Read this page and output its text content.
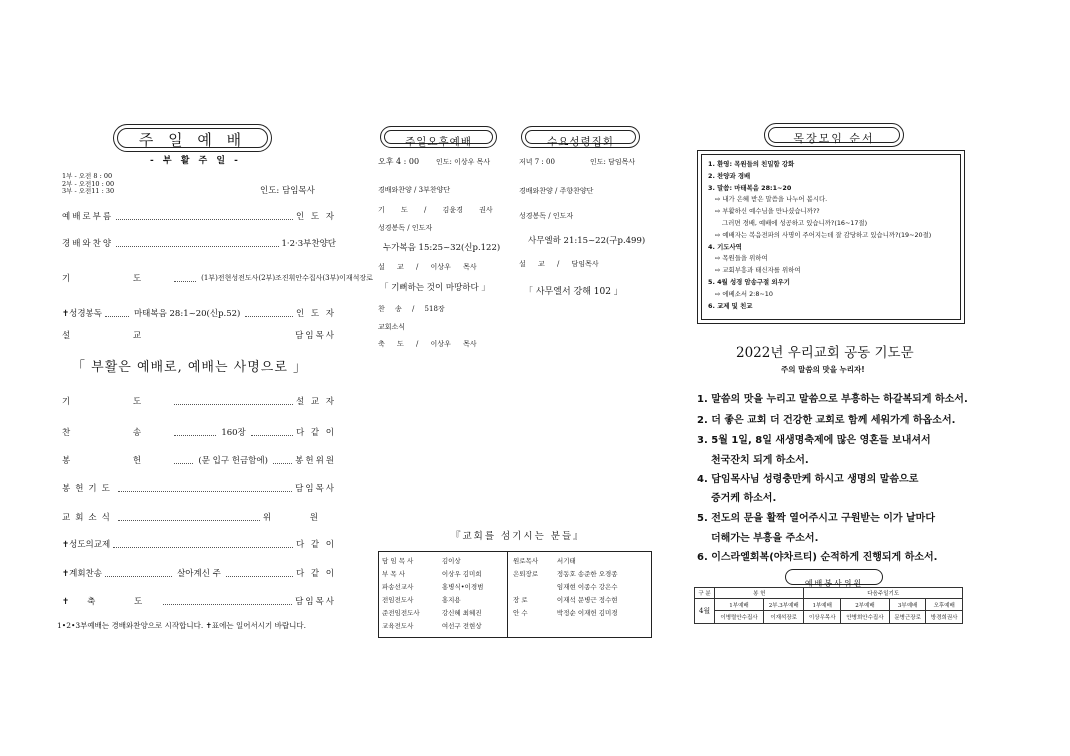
주 일 예 배
- 부 활 주 일 -
1부 - 오전 8 : 00
2부 - 오전10 : 00
3부 - 오전11 : 30	인도: 담임목사
예배로부름	인 도 자
경배와찬양	1·2·3부찬양단
기 도	(1부)전현성전도사(2부)조진휘안수집사(3부)이재석장로
✝성경봉독	마태복음 28:1~20(신p.52)	인 도 자
설 교	담임목사
「 부활은 예배로, 예배는 사명으로 」
기 도	설 교 자
찬 송	160장	다 같 이
봉 헌	(문 입구 헌금함에)	봉헌위원
봉헌기도	담임목사
교회소식	위 원
✝성도의교제	다 같 이
✝계회찬송	살아계신 주	다 같 이
✝축 도	담임목사
1•2•3부예배는 경배와찬양으로 시작합니다. ✝표에는 일어서시기 바랍니다.
주일오후예배
오후 4 : 00 인도: 이상우 목사
경배와찬양 / 3부찬양단
기 도 / 김윤경 권사
성경봉독 / 인도자
누가복음 15:25~32(신p.122)
설 교 / 이상우 목사
「 기뻐하는 것이 마땅하다 」
찬 송 / 518장
교회소식
축 도 / 이상우 목사
수요성령집회
저녁 7 : 00	인도: 담임목사
경배와찬양 / 주향찬양단
성경봉독 / 인도자
사무엘하 21:15~22(구p.499)
설 교 / 담임목사
「 사무엘서 강해 102 」
『교회를 섬기시는 분들』
담 임 목 사	김이상
부 목 사	이상우 김미희
파송선교사	홍병식•이경범
전임전도사	홍지용
준전임전도사	강신혜 최혜진
교육전도사	여선구 전현상
원로목사	서기태
은퇴장로	정동호 송준한 오경종
	임재현 이종수 강은수
장 로	이재석 문병근 정수현
안 수	박정순 이재헌 김미경
목장모임 순서
1. 환영: 목원들의 친밀함 강화
2. 찬양과 경배
3. 말씀: 마태복음 28:1~20
⇨ 내가 은혜 받은 말씀을 나누어 봅시다.
⇨ 부활하신 예수님을 만나셨습니까??
그러면 경배, 예배에 성공하고 있습니까?(16~17절)
⇨ 예배자는 복음전파의 사명이 주어지는데 잘 감당하고 있습니까?(19~20절)
4. 기도사역
⇨ 목원들을 위하여
⇨ 교회부흥과 태신자를 위하여
5. 4월 성경 암송구절 외우기
⇨ 에베소서 2:8~10
6. 교제 및 친교
2022년 우리교회 공동 기도문
주의 말씀의 맛을 누리자!
1. 말씀의 맛을 누리고 말씀으로 부흥하는 하갈복되게 하소서.
2. 더 좋은 교회 더 건강한 교회로 함께 세워가게 하옵소서.
3. 5월 1일, 8일 새생명축제에 많은 영혼들 보내셔서
천국잔치 되게 하소서.
4. 담임목사님 성령충만케 하시고 생명의 말씀으로
증거케 하소서.
5. 전도의 문을 활짝 열어주시고 구원받는 이가 날마다
더해가는 부흥을 주소서.
6. 이스라엘회복(야차르티) 순적하게 진행되게 하소서.
예배봉사위원
구 분	봉 헌		다음주일기도			
4월	1부예배	2부.3부예배	1부예배	2부예배	3부예배	오후예배
	이병렬안수집사	이재석장로	이상우목사	안병희안수집사	문병근장로	방경희권사
